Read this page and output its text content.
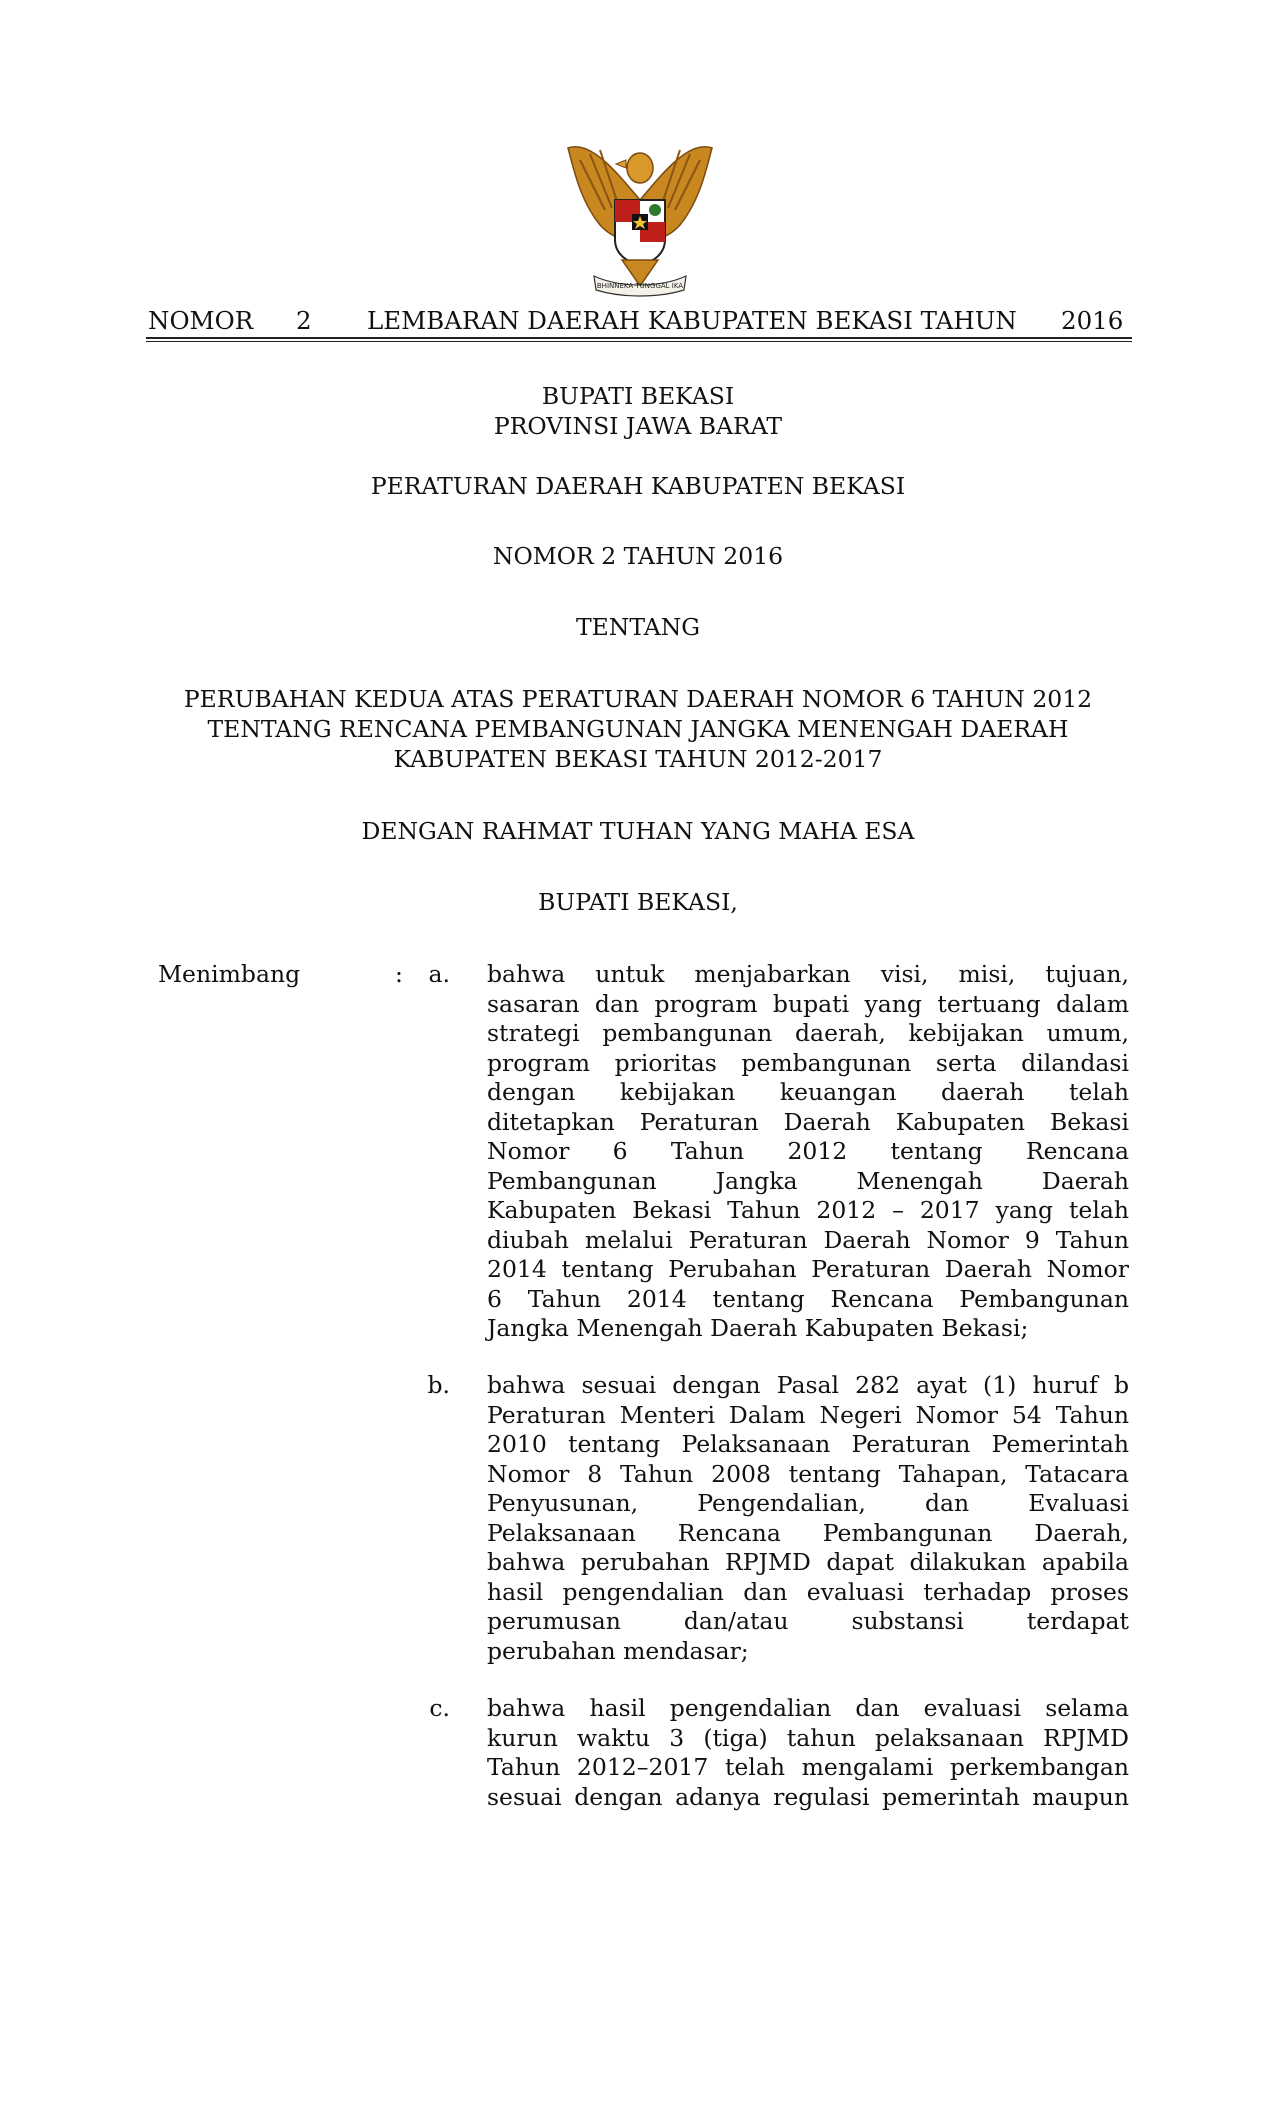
BHINNEKA TUNGGAL IKA
NOMOR 2 LEMBARAN DAERAH KABUPATEN BEKASI TAHUN 2016
BUPATI BEKASI
PROVINSI JAWA BARAT
PERATURAN DAERAH KABUPATEN BEKASI
NOMOR 2 TAHUN 2016
TENTANG
PERUBAHAN KEDUA ATAS PERATURAN DAERAH NOMOR 6 TAHUN 2012
TENTANG RENCANA PEMBANGUNAN JANGKA MENENGAH DAERAH
KABUPATEN BEKASI TAHUN 2012-2017
DENGAN RAHMAT TUHAN YANG MAHA ESA
BUPATI BEKASI,
Menimbang	:	a. bahwa untuk menjabarkan visi, misi, tujuan,
sasaran dan program bupati yang tertuang dalam
strategi pembangunan daerah, kebijakan umum,
program prioritas pembangunan serta dilandasi
dengan kebijakan keuangan daerah telah
ditetapkan Peraturan Daerah Kabupaten Bekasi
Nomor 6 Tahun 2012 tentang Rencana
Pembangunan Jangka Menengah Daerah
Kabupaten Bekasi Tahun 2012 – 2017 yang telah
diubah melalui Peraturan Daerah Nomor 9 Tahun
2014 tentang Perubahan Peraturan Daerah Nomor
6 Tahun 2014 tentang Rencana Pembangunan
Jangka Menengah Daerah Kabupaten Bekasi;
b. bahwa sesuai dengan Pasal 282 ayat (1) huruf b
Peraturan Menteri Dalam Negeri Nomor 54 Tahun
2010 tentang Pelaksanaan Peraturan Pemerintah
Nomor 8 Tahun 2008 tentang Tahapan, Tatacara
Penyusunan, Pengendalian, dan Evaluasi
Pelaksanaan Rencana Pembangunan Daerah,
bahwa perubahan RPJMD dapat dilakukan apabila
hasil pengendalian dan evaluasi terhadap proses
perumusan dan/atau substansi terdapat
perubahan mendasar;
c. bahwa hasil pengendalian dan evaluasi selama
kurun waktu 3 (tiga) tahun pelaksanaan RPJMD
Tahun 2012–2017 telah mengalami perkembangan
sesuai dengan adanya regulasi pemerintah maupun
